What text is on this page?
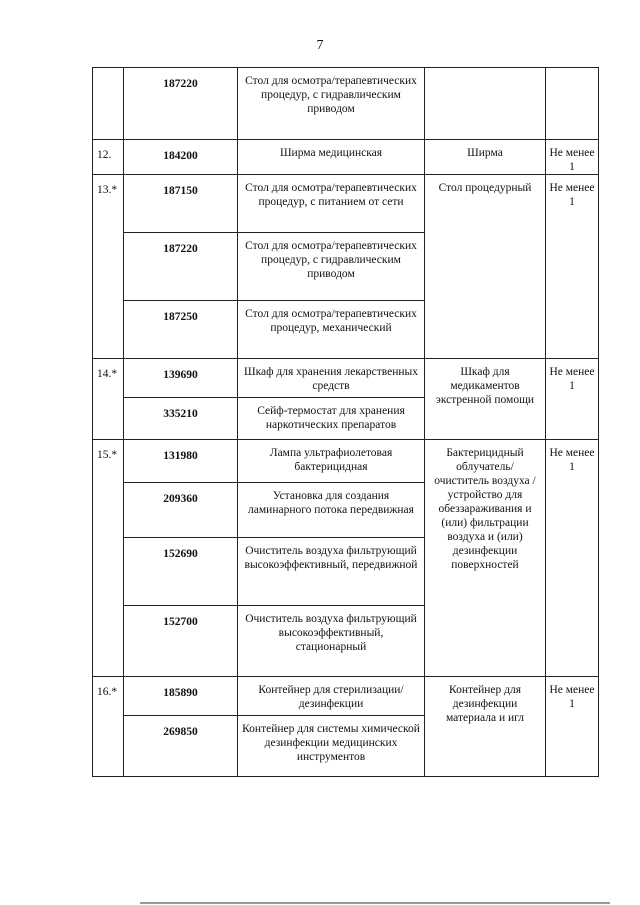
7
	187220	Стол для осмотра/терапевтических процедур, с гидравлическим приводом		
12.	184200	Ширма медицинская	Ширма	Не менее 1
13.*	187150	Стол для осмотра/терапевтических процедур, с питанием от сети	Стол процедурный	Не менее 1
	187220	Стол для осмотра/терапевтических процедур, с гидравлическим приводом		
	187250	Стол для осмотра/терапевтических процедур, механический		
14.*	139690	Шкаф для хранения лекарственных средств	Шкаф для медикаментов экстренной помощи	Не менее 1
	335210	Сейф-термостат для хранения наркотических препаратов		
15.*	131980	Лампа ультрафиолетовая бактерицидная	Бактерицидный облучатель/ очиститель воздуха /устройство для обеззараживания и (или) фильтрации воздуха и (или) дезинфекции поверхностей	Не менее 1
	209360	Установка для создания ламинарного потока передвижная		
	152690	Очиститель воздуха фильтрующий высокоэффективный, передвижной		
	152700	Очиститель воздуха фильтрующий высокоэффективный, стационарный		
16.*	185890	Контейнер для стерилизации/дезинфекции	Контейнер для дезинфекции материала и игл	Не менее 1
	269850	Контейнер для системы химической дезинфекции медицинских инструментов		
